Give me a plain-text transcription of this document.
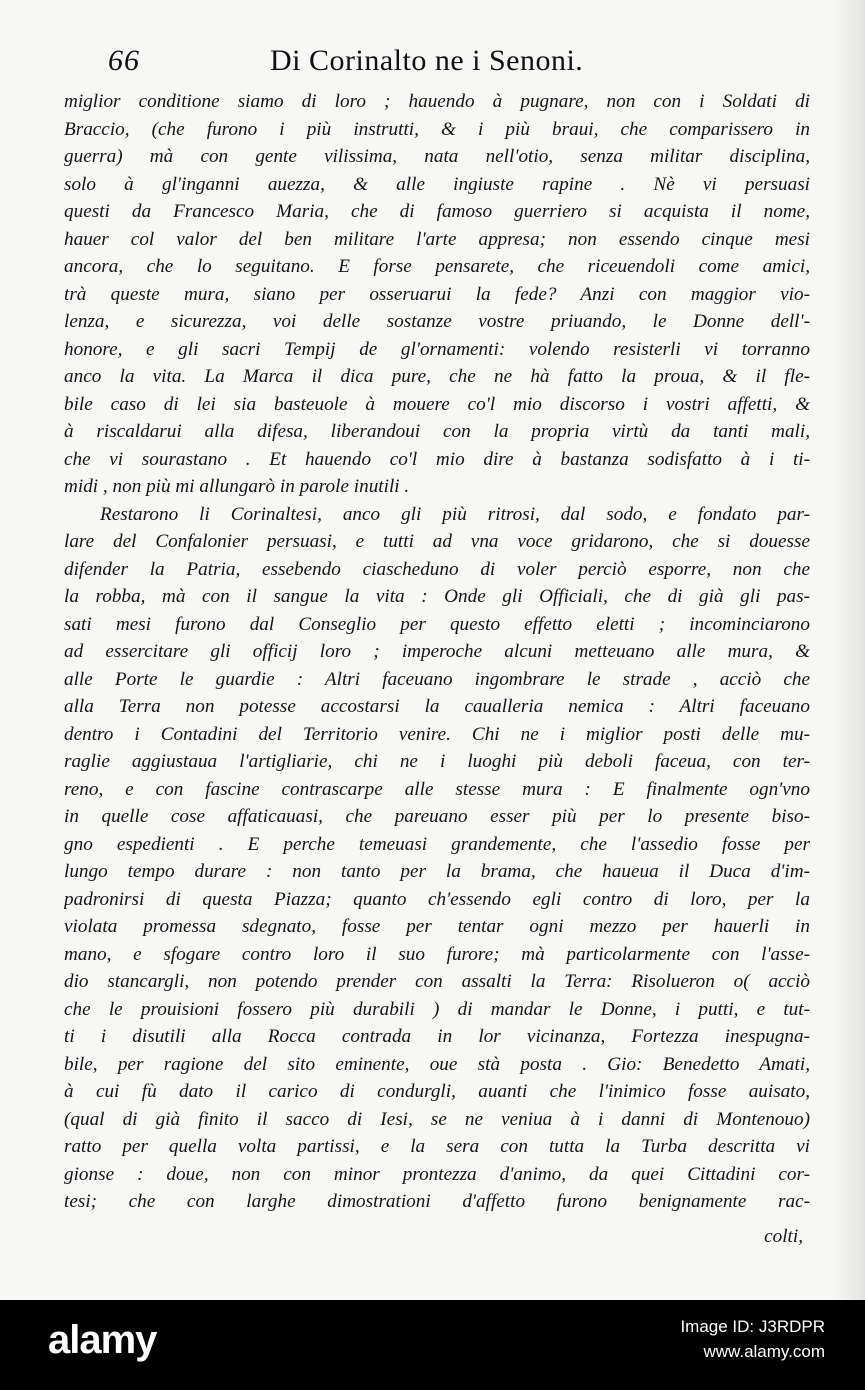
66	Di Corinalto ne i Senoni.
miglior conditione siamo di loro ; hauendo à pugnare, non con i Soldati di
Braccio, (che furono i più instrutti, & i più braui, che comparissero in
guerra) mà con gente vilissima, nata nell'otio, senza militar disciplina,
solo à gl'inganni auezza, & alle ingiuste rapine . Nè vi persuasi
questi da Francesco Maria, che di famoso guerriero si acquista il nome,
hauer col valor del ben militare l'arte appresa; non essendo cinque mesi
ancora, che lo seguitano. E forse pensarete, che riceuendoli come amici,
trà queste mura, siano per osseruarui la fede? Anzi con maggior vio-
lenza, e sicurezza, voi delle sostanze vostre priuando, le Donne dell'-
honore, e gli sacri Tempij de gl'ornamenti: volendo resisterli vi torranno
anco la vita. La Marca il dica pure, che ne hà fatto la proua, & il fle-
bile caso di lei sia basteuole à mouere co'l mio discorso i vostri affetti, &
à riscaldarui alla difesa, liberandoui con la propria virtù da tanti mali,
che vi sourastano . Et hauendo co'l mio dire à bastanza sodisfatto à i ti-
midi , non più mi allungarò in parole inutili .
Restarono li Corinaltesi, anco gli più ritrosi, dal sodo, e fondato par-
lare del Confalonier persuasi, e tutti ad vna voce gridarono, che si douesse
difender la Patria, essebendo ciascheduno di voler perciò esporre, non che
la robba, mà con il sangue la vita : Onde gli Officiali, che di già gli pas-
sati mesi furono dal Conseglio per questo effetto eletti ; incominciarono
ad essercitare gli officij loro ; imperoche alcuni metteuano alle mura, &
alle Porte le guardie : Altri faceuano ingombrare le strade , acciò che
alla Terra non potesse accostarsi la caualleria nemica : Altri faceuano
dentro i Contadini del Territorio venire. Chi ne i miglior posti delle mu-
raglie aggiustaua l'artigliarie, chi ne i luoghi più deboli faceua, con ter-
reno, e con fascine contrascarpe alle stesse mura : E finalmente ogn'vno
in quelle cose affaticauasi, che pareuano esser più per lo presente biso-
gno espedienti . E perche temeuasi grandemente, che l'assedio fosse per
lungo tempo durare : non tanto per la brama, che haueua il Duca d'im-
padronirsi di questa Piazza; quanto ch'essendo egli contro di loro, per la
violata promessa sdegnato, fosse per tentar ogni mezzo per hauerli in
mano, e sfogare contro loro il suo furore; mà particolarmente con l'asse-
dio stancargli, non potendo prender con assalti la Terra: Risolueron o( acciò
che le prouisioni fossero più durabili ) di mandar le Donne, i putti, e tut-
ti i disutili alla Rocca contrada in lor vicinanza, Fortezza inespugna-
bile, per ragione del sito eminente, oue stà posta . Gio: Benedetto Amati,
à cui fù dato il carico di condurgli, auanti che l'inimico fosse auisato,
(qual di già finito il sacco di Iesi, se ne veniua à i danni di Montenouo)
ratto per quella volta partissi, e la sera con tutta la Turba descritta vi
gionse : doue, non con minor prontezza d'animo, da quei Cittadini cor-
tesi; che con larghe dimostrationi d'affetto furono benignamente rac-
colti,
alamy	Image ID: J3RDPR
www.alamy.com
